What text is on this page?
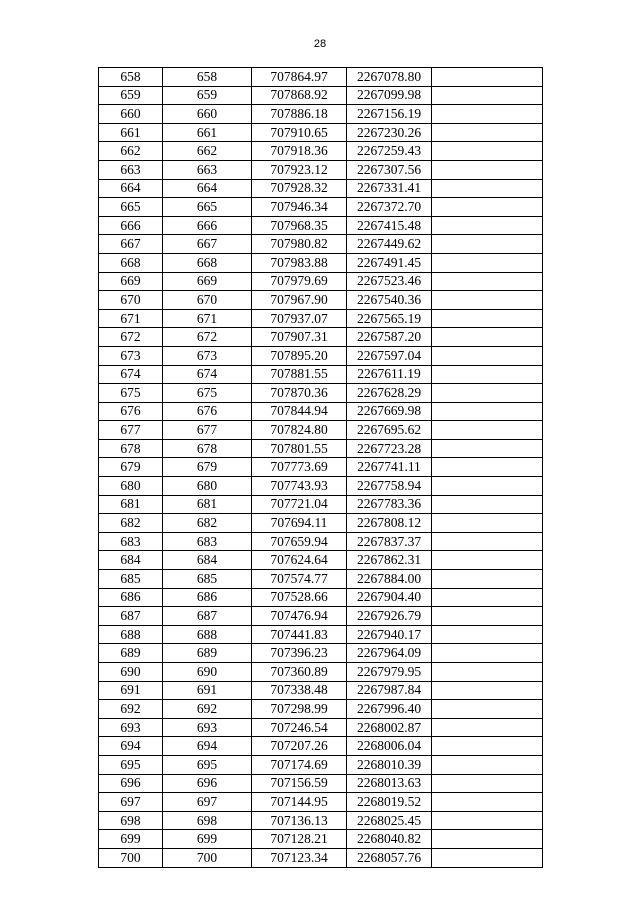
28
658	658	707864.97	2267078.80	
659	659	707868.92	2267099.98	
660	660	707886.18	2267156.19	
661	661	707910.65	2267230.26	
662	662	707918.36	2267259.43	
663	663	707923.12	2267307.56	
664	664	707928.32	2267331.41	
665	665	707946.34	2267372.70	
666	666	707968.35	2267415.48	
667	667	707980.82	2267449.62	
668	668	707983.88	2267491.45	
669	669	707979.69	2267523.46	
670	670	707967.90	2267540.36	
671	671	707937.07	2267565.19	
672	672	707907.31	2267587.20	
673	673	707895.20	2267597.04	
674	674	707881.55	2267611.19	
675	675	707870.36	2267628.29	
676	676	707844.94	2267669.98	
677	677	707824.80	2267695.62	
678	678	707801.55	2267723.28	
679	679	707773.69	2267741.11	
680	680	707743.93	2267758.94	
681	681	707721.04	2267783.36	
682	682	707694.11	2267808.12	
683	683	707659.94	2267837.37	
684	684	707624.64	2267862.31	
685	685	707574.77	2267884.00	
686	686	707528.66	2267904.40	
687	687	707476.94	2267926.79	
688	688	707441.83	2267940.17	
689	689	707396.23	2267964.09	
690	690	707360.89	2267979.95	
691	691	707338.48	2267987.84	
692	692	707298.99	2267996.40	
693	693	707246.54	2268002.87	
694	694	707207.26	2268006.04	
695	695	707174.69	2268010.39	
696	696	707156.59	2268013.63	
697	697	707144.95	2268019.52	
698	698	707136.13	2268025.45	
699	699	707128.21	2268040.82	
700	700	707123.34	2268057.76	
